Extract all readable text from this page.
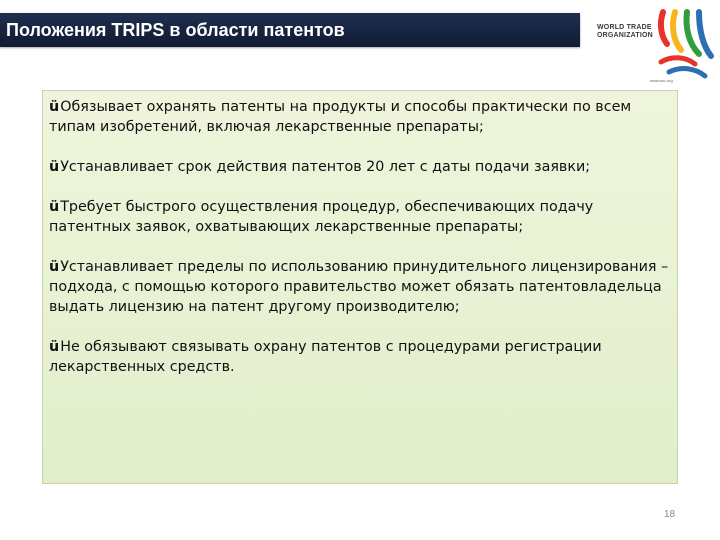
Положения TRIPS в области патентов	WORLD TRADE
ORGANIZATION
www.wto.org
üОбязывает охранять патенты на продукты и способы практически по всем типам изобретений, включая лекарственные препараты;
üУстанавливает срок действия патентов 20 лет с даты подачи заявки;
üТребует быстрого осуществления процедур, обеспечивающих подачу патентных заявок, охватывающих лекарственные препараты;
üУстанавливает пределы по использованию принудительного лицензирования – подхода, с помощью которого правительство может обязать патентовладельца выдать лицензию на патент другому производителю;
üНе обязывают связывать охрану патентов с процедурами регистрации лекарственных средств.
18
